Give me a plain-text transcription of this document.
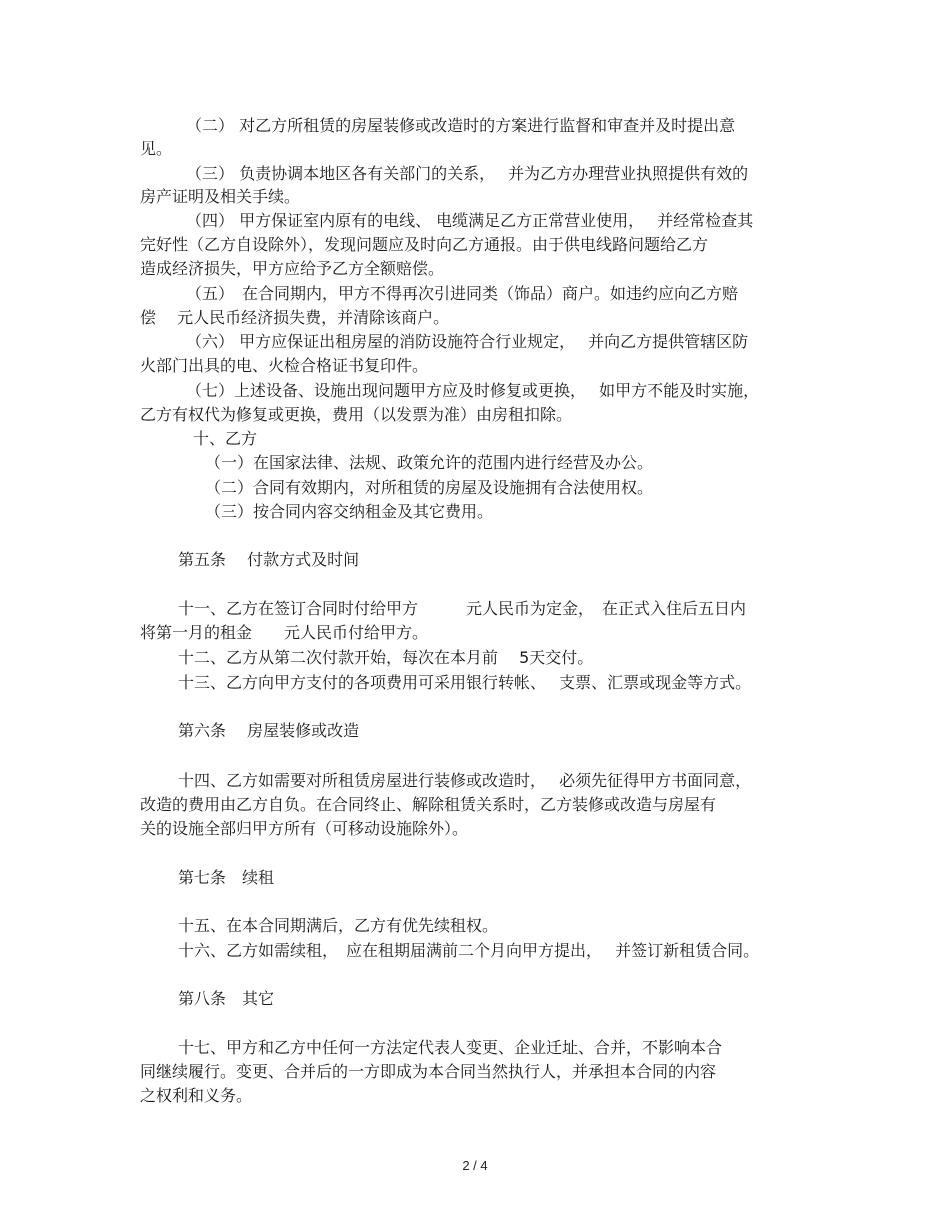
（二） 对乙方所租赁的房屋装修或改造时的方案进行监督和审查并及时提出意
见。
（三） 负责协调本地区各有关部门的关系，　 并为乙方办理营业执照提供有效的
房产证明及相关手续。
（四） 甲方保证室内原有的电线、 电缆满足乙方正常营业使用，　 并经常检查其
完好性（乙方自设除外），发现问题应及时向乙方通报。由于供电线路问题给乙方
造成经济损失，甲方应给予乙方全额赔偿。
（五）　在合同期内，甲方不得再次引进同类（饰品）商户。如违约应向乙方赔
偿　 元人民币经济损失费，并清除该商户。
（六） 甲方应保证出租房屋的消防设施符合行业规定，　 并向乙方提供管辖区防
火部门出具的电、火检合格证书复印件。
（七）上述设备、设施出现问题甲方应及时修复或更换，　 如甲方不能及时实施，
乙方有权代为修复或更换，费用（以发票为准）由房租扣除。
十、乙方
（一）在国家法律、法规、政策允许的范围内进行经营及办公。
（二）合同有效期内，对所租赁的房屋及设施拥有合法使用权。
（三）按合同内容交纳租金及其它费用。
第五条　 付款方式及时间
十一、乙方在签订合同时付给甲方　　　元人民币为定金，　在正式入住后五日内
将第一月的租金　　元人民币付给甲方。
十二、乙方从第二次付款开始，每次在本月前　 5天交付。
十三、乙方向甲方支付的各项费用可采用银行转帐、　 支票、汇票或现金等方式。
第六条　 房屋装修或改造
十四、乙方如需要对所租赁房屋进行装修或改造时，　 必须先征得甲方书面同意，
改造的费用由乙方自负。在合同终止、解除租赁关系时，乙方装修或改造与房屋有
关的设施全部归甲方所有（可移动设施除外）。
第七条　续租
十五、在本合同期满后，乙方有优先续租权。
十六、乙方如需续租，　应在租期届满前二个月向甲方提出，　 并签订新租赁合同。
第八条　其它
十七、甲方和乙方中任何一方法定代表人变更、企业迁址、合并，不影响本合
同继续履行。变更、合并后的一方即成为本合同当然执行人，并承担本合同的内容
之权利和义务。
2 / 4
